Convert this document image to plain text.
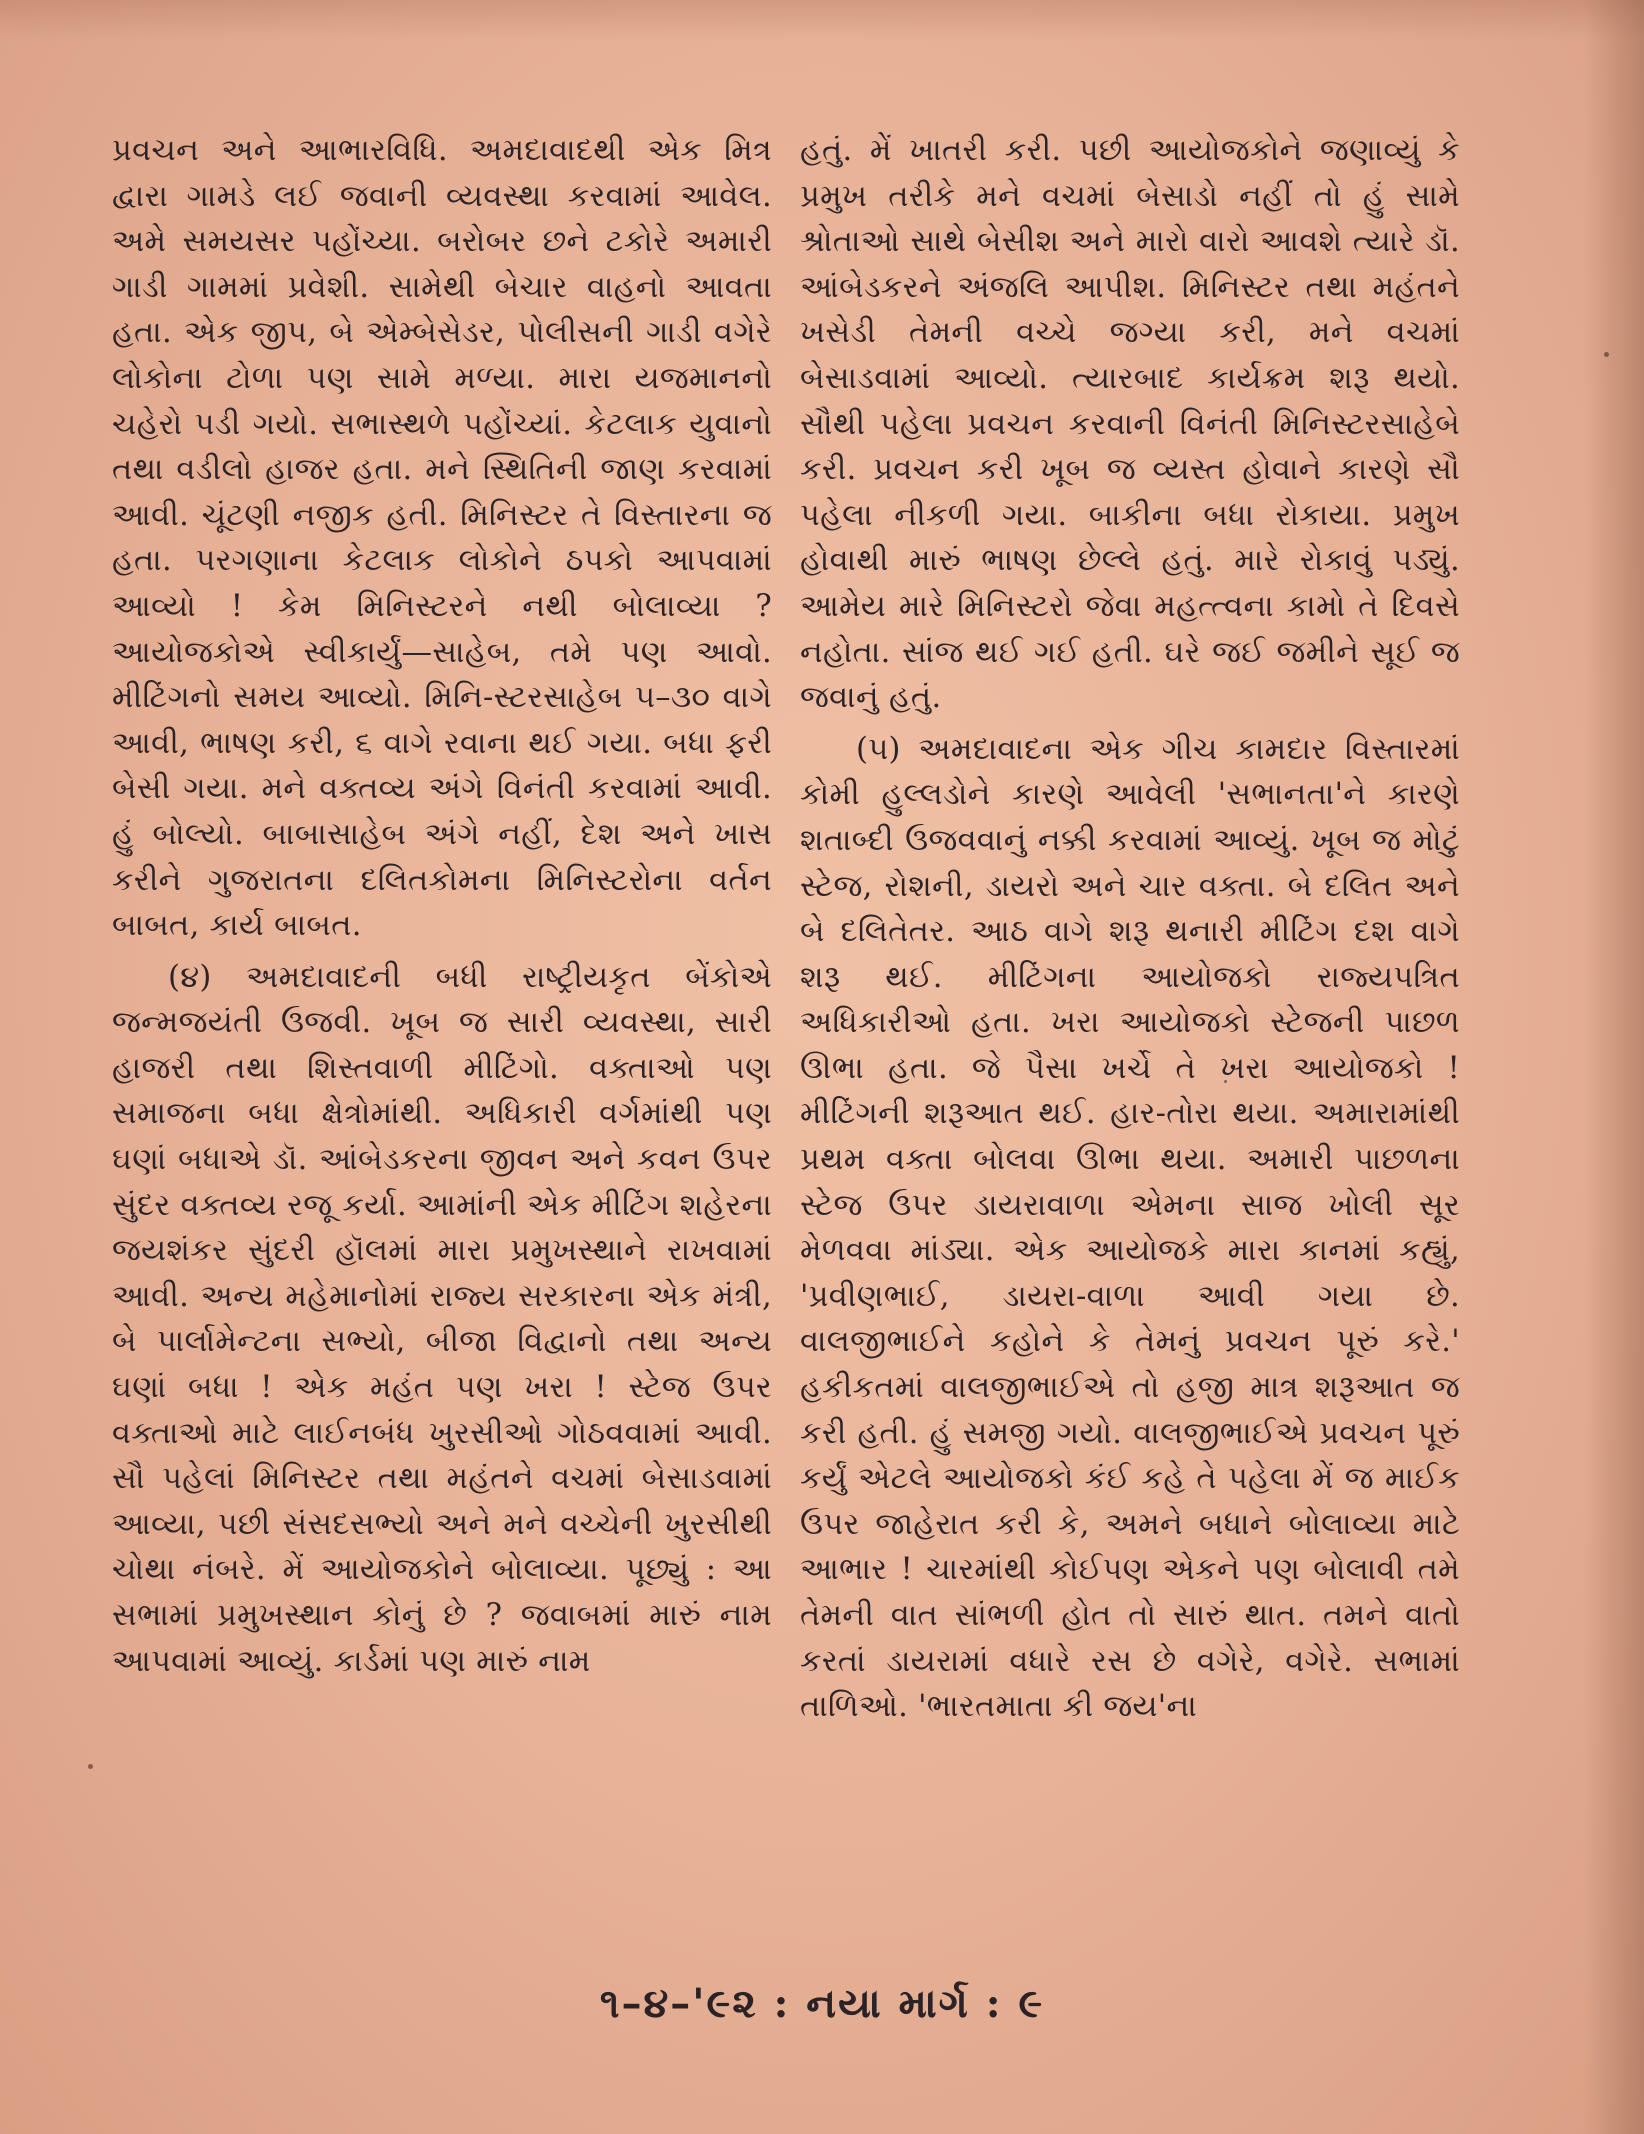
પ્રવચન અને આભારવિધિ. અમદાવાદથી એક મિત્ર દ્વારા ગામડે લઈ જવાની વ્યવસ્થા કરવામાં આવેલ. અમે સમયસર પહોંચ્યા. બરોબર છને ટકોરે અમારી ગાડી ગામમાં પ્રવેશી. સામેથી બેચાર વાહનો આવતા હતા. એક જીપ, બે એમ્બેસેડર, પોલીસની ગાડી વગેરે લોકોના ટોળા પણ સામે મળ્યા. મારા યજમાનનો ચહેરો પડી ગયો. સભાસ્થળે પહોંચ્યાં. કેટલાક યુવાનો તથા વડીલો હાજર હતા. મને સ્થિતિની જાણ કરવામાં આવી. ચૂંટણી નજીક હતી. મિનિસ્ટર તે વિસ્તારના જ હતા. પરગણાના કેટલાક લોકોને ઠપકો આપવામાં આવ્યો ! કેમ મિનિસ્ટરને નથી બોલાવ્યા ? આયોજકોએ સ્વીકાર્યું—સાહેબ, તમે પણ આવો. મીટિંગનો સમય આવ્યો. મિનિ-સ્ટરસાહેબ ૫–૩૦ વાગે આવી, ભાષણ કરી, ૬ વાગે રવાના થઈ ગયા. બધા ફરી બેસી ગયા. મને વક્તવ્ય અંગે વિનંતી કરવામાં આવી. હું બોલ્યો. બાબાસાહેબ અંગે નહીં, દેશ અને ખાસ કરીને ગુજરાતના દલિતકોમના મિનિસ્ટરોના વર્તન બાબત, કાર્ય બાબત.

(૪) અમદાવાદની બધી રાષ્ટ્રીયકૃત બેંકોએ જન્મજયંતી ઉજવી. ખૂબ જ સારી વ્યવસ્થા, સારી હાજરી તથા શિસ્તવાળી મીટિંગો. વક્તાઓ પણ સમાજના બધા ક્ષેત્રોમાંથી. અધિકારી વર્ગમાંથી પણ ઘણાં બધાએ ડૉ. આંબેડકરના જીવન અને કવન ઉપર સુંદર વક્તવ્ય રજૂ કર્યા. આમાંની એક મીટિંગ શહેરના જયશંકર સુંદરી હૉલમાં મારા પ્રમુખસ્થાને રાખવામાં આવી. અન્ય મહેમાનોમાં રાજ્ય સરકારના એક મંત્રી, બે પાર્લામેન્ટના સભ્યો, બીજા વિદ્વાનો તથા અન્ય ઘણાં બધા ! એક મહંત પણ ખરા ! સ્ટેજ ઉપર વક્તાઓ માટે લાઈનબંધ ખુરસીઓ ગોઠવવામાં આવી. સૌ પહેલાં મિનિસ્ટર તથા મહંતને વચમાં બેસાડવામાં આવ્યા, પછી સંસદસભ્યો અને મને વચ્ચેની ખુરસીથી ચોથા નંબરે. મેં આયોજકોને બોલાવ્યા. પૂછ્યું : આ સભામાં પ્રમુખસ્થાન કોનું છે ? જવાબમાં મારું નામ આપવામાં આવ્યું. કાર્ડમાં પણ મારું નામ

હતું. મેં ખાતરી કરી. પછી આયોજકોને જણાવ્યું કે પ્રમુખ તરીકે મને વચમાં બેસાડો નહીં તો હું સામે શ્રોતાઓ સાથે બેસીશ અને મારો વારો આવશે ત્યારે ડૉ. આંબેડકરને અંજલિ આપીશ. મિનિસ્ટર તથા મહંતને ખસેડી તેમની વચ્ચે જગ્યા કરી, મને વચમાં બેસાડવામાં આવ્યો. ત્યારબાદ કાર્યક્રમ શરૂ થયો. સૌથી પહેલા પ્રવચન કરવાની વિનંતી મિનિસ્ટરસાહેબે કરી. પ્રવચન કરી ખૂબ જ વ્યસ્ત હોવાને કારણે સૌ પહેલા નીકળી ગયા. બાકીના બધા રોકાયા. પ્રમુખ હોવાથી મારું ભાષણ છેલ્લે હતું. મારે રોકાવું પડ્યું. આમેય મારે મિનિસ્ટરો જેવા મહત્ત્વના કામો તે દિવસે નહોતા. સાંજ થઈ ગઈ હતી. ઘરે જઈ જમીને સૂઈ જ જવાનું હતું.

(૫) અમદાવાદના એક ગીચ કામદાર વિસ્તારમાં કોમી હુલ્લડોને કારણે આવેલી 'સભાનતા'ને કારણે શતાબ્દી ઉજવવાનું નક્કી કરવામાં આવ્યું. ખૂબ જ મોટું સ્ટેજ, રોશની, ડાયરો અને ચાર વક્તા. બે દલિત અને બે દલિતેતર. આઠ વાગે શરૂ થનારી મીટિંગ દશ વાગે શરૂ થઈ. મીટિંગના આયોજકો રાજ્યપત્રિત અધિકારીઓ હતા. ખરા આયોજકો સ્ટેજની પાછળ ઊભા હતા. જે પૈસા ખર્ચે તે ખરા આયોજકો ! મીટિંગની શરૂઆત થઈ. હાર-તોરા થયા. અમારામાંથી પ્રથમ વક્તા બોલવા ઊભા થયા. અમારી પાછળના સ્ટેજ ઉપર ડાયરાવાળા એમના સાજ ખોલી સૂર મેળવવા માંડ્યા. એક આયોજકે મારા કાનમાં કહ્યું, 'પ્રવીણભાઈ, ડાયરા-વાળા આવી ગયા છે. વાલજીભાઈને કહોને કે તેમનું પ્રવચન પૂરું કરે.' હકીકતમાં વાલજીભાઈએ તો હજી માત્ર શરૂઆત જ કરી હતી. હું સમજી ગયો. વાલજીભાઈએ પ્રવચન પૂરું કર્યું એટલે આયોજકો કંઈ કહે તે પહેલા મેં જ માઈક ઉપર જાહેરાત કરી કે, અમને બધાને બોલાવ્યા માટે આભાર ! ચારમાંથી કોઈપણ એકને પણ બોલાવી તમે તેમની વાત સાંભળી હોત તો સારું થાત. તમને વાતો કરતાં ડાયરામાં વધારે રસ છે વગેરે, વગેરે. સભામાં તાળિઓ. 'ભારતમાતા કી જય'ના

૧–૪–'૯૨ : નયા માર્ગ : ૯
